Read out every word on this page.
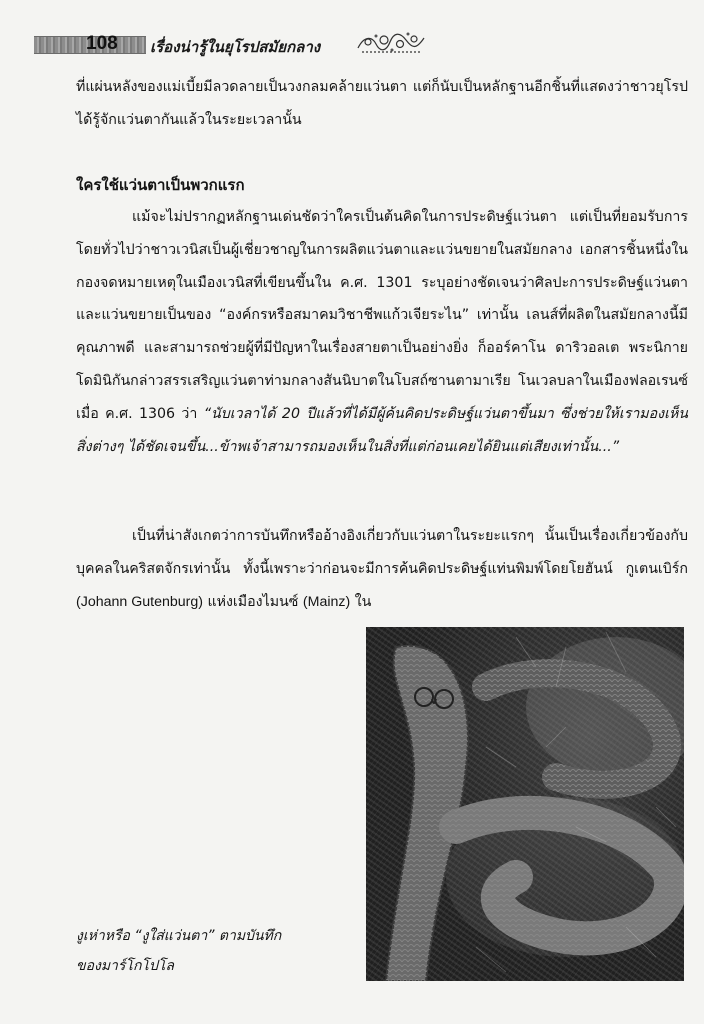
108 เรื่องน่ารู้ในยุโรปสมัยกลาง
ที่แผ่นหลังของแม่เบี้ยมีลวดลายเป็นวงกลมคล้ายแว่นตา แต่ก็นับเป็นหลักฐานอีกชิ้นที่แสดงว่าชาวยุโรปได้รู้จักแว่นตากันแล้วในระยะเวลานั้น
ใครใช้แว่นตาเป็นพวกแรก
แม้จะไม่ปรากฏหลักฐานเด่นชัดว่าใครเป็นต้นคิดในการประดิษฐ์แว่นตา แต่เป็นที่ยอมรับการโดยทั่วไปว่าชาวเวนิสเป็นผู้เชี่ยวชาญในการผลิตแว่นตาและแว่นขยายในสมัยกลาง เอกสารชิ้นหนึ่งในกองจดหมายเหตุในเมืองเวนิสที่เขียนขึ้นใน ค.ศ. 1301 ระบุอย่างชัดเจนว่าศิลปะการประดิษฐ์แว่นตาและแว่นขยายเป็นของ “องค์กรหรือสมาคมวิชาชีพแก้วเจียระไน” เท่านั้น เลนส์ที่ผลิตในสมัยกลางนี้มีคุณภาพดี และสามารถช่วยผู้ที่มีปัญหาในเรื่องสายตาเป็นอย่างยิ่ง ก็ออร์คาโน ดาริวอลเต พระนิกายโดมินิกันกล่าวสรรเสริญแว่นตาท่ามกลางสันนิบาตในโบสถ์ซานตามาเรีย โนเวลบลาในเมืองฟลอเรนซ์เมื่อ ค.ศ. 1306 ว่า “นับเวลาได้ 20 ปีแล้วที่ได้มีผู้ค้นคิดประดิษฐ์แว่นตาขึ้นมา ซึ่งช่วยให้เรามองเห็นสิ่งต่างๆ ได้ชัดเจนขึ้น...ข้าพเจ้าสามารถมองเห็นในสิ่งที่แต่ก่อนเคยได้ยินแต่เสียงเท่านั้น...”
เป็นที่น่าสังเกตว่าการบันทึกหรืออ้างอิงเกี่ยวกับแว่นตาในระยะแรกๆ นั้นเป็นเรื่องเกี่ยวข้องกับบุคคลในคริสตจักรเท่านั้น ทั้งนี้เพราะว่าก่อนจะมีการค้นคิดประดิษฐ์แท่นพิมพ์โดยโยฮันน์ กูเตนเบิร์ก (Johann Gutenburg) แห่งเมืองไมนซ์ (Mainz) ใน
งูเห่าหรือ “งูใส่แว่นตา” ตามบันทึก
ของมาร์โกโปโล
